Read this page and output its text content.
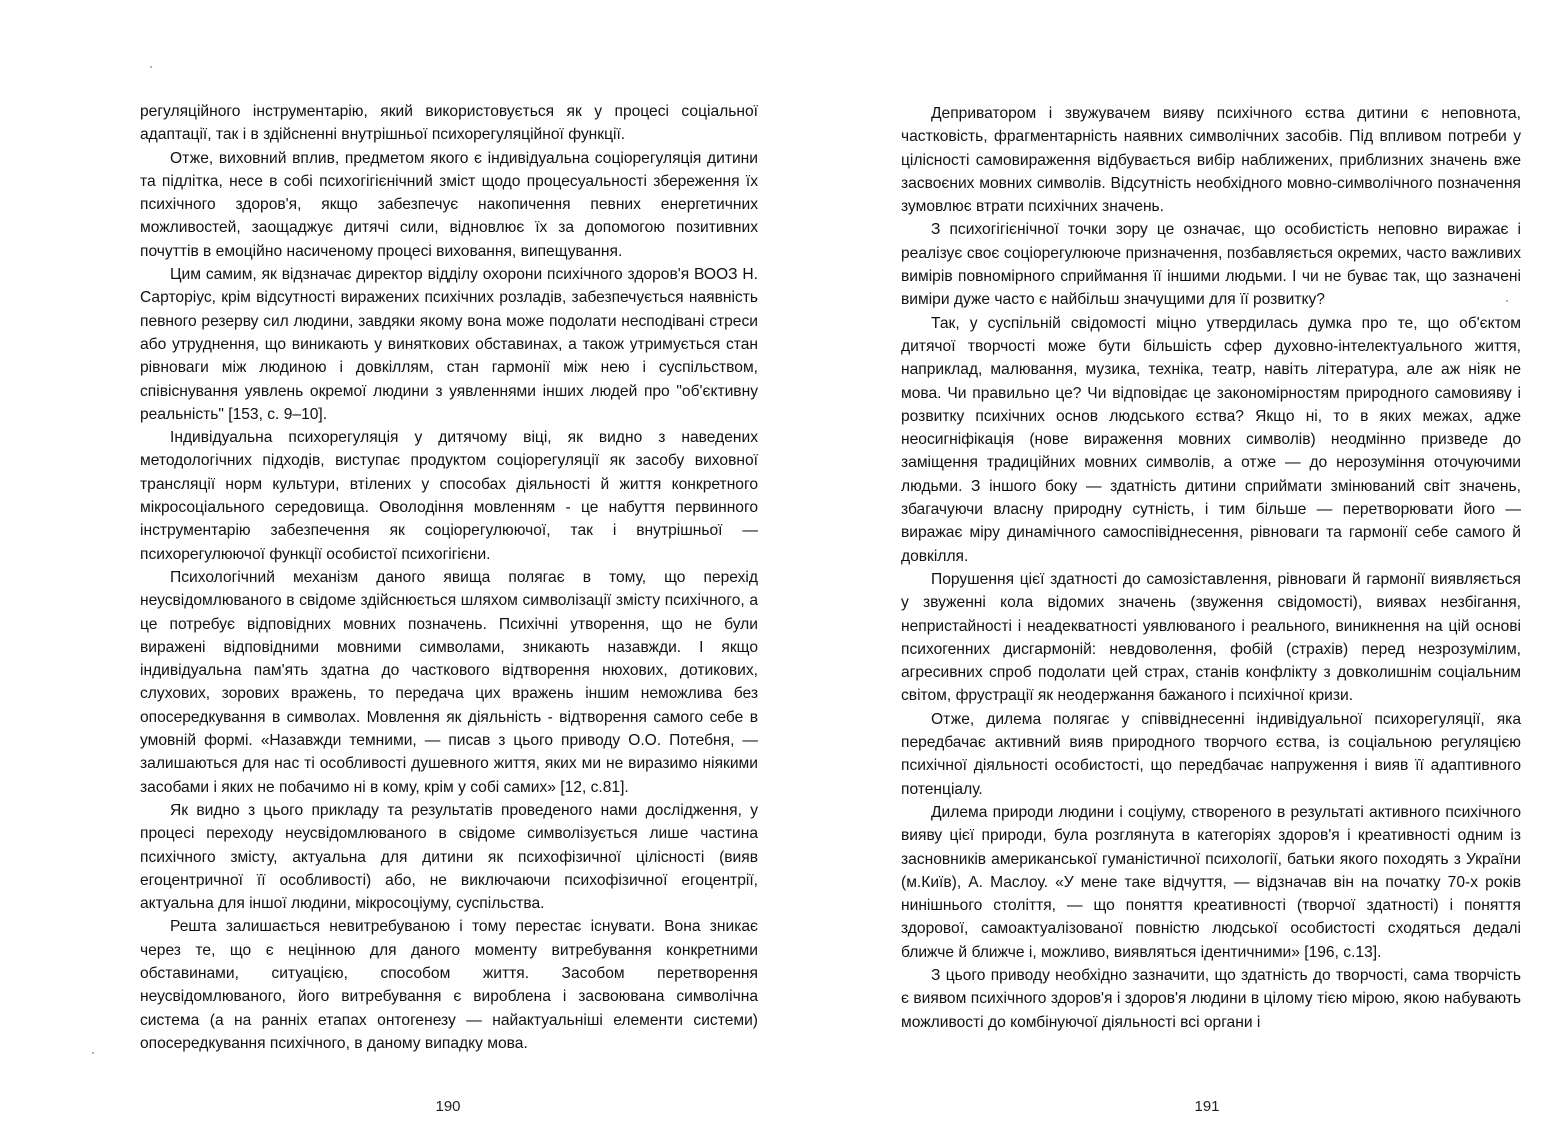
регуляційного інструментарію, який використовується як у процесі соціальної адаптації, так і в здійсненні внутрішньої психорегуляційної функції.

Отже, виховний вплив, предметом якого є індивідуальна соціорегуляція дитини та підлітка, несе в собі психогігієнічний зміст щодо процесуальності збереження їх психічного здоров'я, якщо забезпечує накопичення певних енергетичних можливостей, заощаджує дитячі сили, відновлює їх за допомогою позитивних почуттів в емоційно насиченому процесі виховання, випещування.

Цим самим, як відзначає директор відділу охорони психічного здоров'я ВООЗ Н. Сарторіус, крім відсутності виражених психічних розладів, забезпечується наявність певного резерву сил людини, завдяки якому вона може подолати несподівані стреси або утруднення, що виникають у виняткових обставинах, а також утримується стан рівноваги між людиною і довкіллям, стан гармонії між нею і суспільством, співіснування уявлень окремої людини з уявленнями інших людей про "об'єктивну реальність" [153, с. 9–10].

Індивідуальна психорегуляція у дитячому віці, як видно з наведених методологічних підходів, виступає продуктом соціорегуляції як засобу виховної трансляції норм культури, втілених у способах діяльності й життя конкретного мікросоціального середовища. Оволодіння мовленням - це набуття первинного інструментарію забезпечення як соціорегулюючої, так і внутрішньої — психорегулюючої функції особистої психогігієни.

Психологічний механізм даного явища полягає в тому, що перехід неусвідомлюваного в свідоме здійснюється шляхом символізації змісту психічного, а це потребує відповідних мовних позначень. Психічні утворення, що не були виражені відповідними мовними символами, зникають назавжди. І якщо індивідуальна пам'ять здатна до часткового відтворення нюхових, дотикових, слухових, зорових вражень, то передача цих вражень іншим неможлива без опосередкування в символах. Мовлення як діяльність - відтворення самого себе в умовній формі. «Назавжди темними, — писав з цього приводу О.О. Потебня, — залишаються для нас ті особливості душевного життя, яких ми не виразимо ніякими засобами і яких не побачимо ні в кому, крім у собі самих» [12, с.81].

Як видно з цього прикладу та результатів проведеного нами дослідження, у процесі переходу неусвідомлюваного в свідоме символізується лише частина психічного змісту, актуальна для дитини як психофізичної цілісності (вияв егоцентричної її особливості) або, не виключаючи психофізичної егоцентрії, актуальна для іншої людини, мікросоціуму, суспільства.

Решта залишається невитребуваною і тому перестає існувати. Вона зникає через те, що є нецінною для даного моменту витребування конкретними обставинами, ситуацією, способом життя. Засобом перетворення неусвідомлюваного, його витребування є вироблена і засвоювана символічна система (а на ранніх етапах онтогенезу — найактуальніші елементи системи) опосередкування психічного, в даному випадку мова.

190

Деприватором і звужувачем вияву психічного єства дитини є неповнота, частковість, фрагментарність наявних символічних засобів. Під впливом потреби у цілісності самовираження відбувається вибір наближених, приблизних значень вже засвоєних мовних символів. Відсутність необхідного мовно-символічного позначення зумовлює втрати психічних значень.

З психогігієнічної точки зору це означає, що особистість неповно виражає і реалізує своє соціорегулююче призначення, позбавляється окремих, часто важливих вимірів повномірного сприймання її іншими людьми. І чи не буває так, що зазначені виміри дуже часто є найбільш значущими для її розвитку?

Так, у суспільній свідомості міцно утвердилась думка про те, що об'єктом дитячої творчості може бути більшість сфер духовно-інтелектуального життя, наприклад, малювання, музика, техніка, театр, навіть література, але аж ніяк не мова. Чи правильно це? Чи відповідає це закономірностям природного самовияву і розвитку психічних основ людського єства? Якщо ні, то в яких межах, адже неосигніфікація (нове вираження мовних символів) неодмінно призведе до заміщення традиційних мовних символів, а отже — до нерозуміння оточуючими людьми. З іншого боку — здатність дитини сприймати змінюваний світ значень, збагачуючи власну природну сутність, і тим більше — перетворювати його — виражає міру динамічного самоспівіднесення, рівноваги та гармонії себе самого й довкілля.

Порушення цієї здатності до самозіставлення, рівноваги й гармонії виявляється у звуженні кола відомих значень (звуження свідомості), виявах незбігання, непристайності і неадекватності уявлюваного і реального, виникнення на цій основі психогенних дисгармоній: невдоволення, фобій (страхів) перед незрозумілим, агресивних спроб подолати цей страх, станів конфлікту з довколишнім соціальним світом, фрустрації як неодержання бажаного і психічної кризи.

Отже, дилема полягає у співвіднесенні індивідуальної психорегуляції, яка передбачає активний вияв природного творчого єства, із соціальною регуляцією психічної діяльності особистості, що передбачає напруження і вияв її адаптивного потенціалу.

Дилема природи людини і соціуму, створеного в результаті активного психічного вияву цієї природи, була розглянута в категоріях здоров'я і креативності одним із засновників американської гуманістичної психології, батьки якого походять з України (м.Київ), А. Маслоу. «У мене таке відчуття, — відзначав він на початку 70-х років нинішнього століття, — що поняття креативності (творчої здатності) і поняття здорової, самоактуалізованої повністю людської особистості сходяться дедалі ближче й ближче і, можливо, виявляться ідентичними» [196, с.13].

З цього приводу необхідно зазначити, що здатність до творчості, сама творчість є виявом психічного здоров'я і здоров'я людини в цілому тією мірою, якою набувають можливості до комбінуючої діяльності всі органи і

191
